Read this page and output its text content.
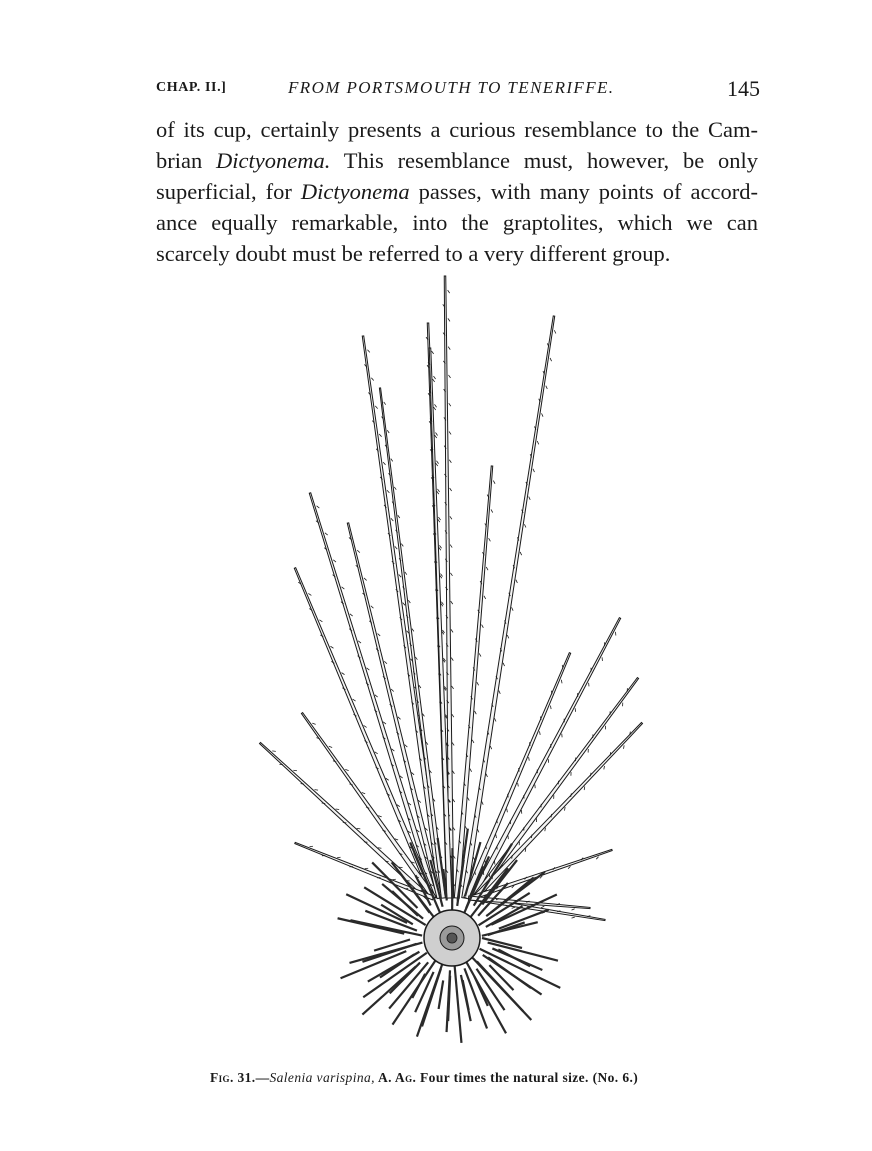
CHAP. II.]	FROM PORTSMOUTH TO TENERIFFE.	145
of its cup, certainly presents a curious resemblance to the Cam-
brian Dictyonema. This resemblance must, however, be only
superficial, for Dictyonema passes, with many points of accord-
ance equally remarkable, into the graptolites, which we can
scarcely doubt must be referred to a very different group.
Fig. 31.—Salenia varispina, A. Ag. Four times the natural size. (No. 6.)
